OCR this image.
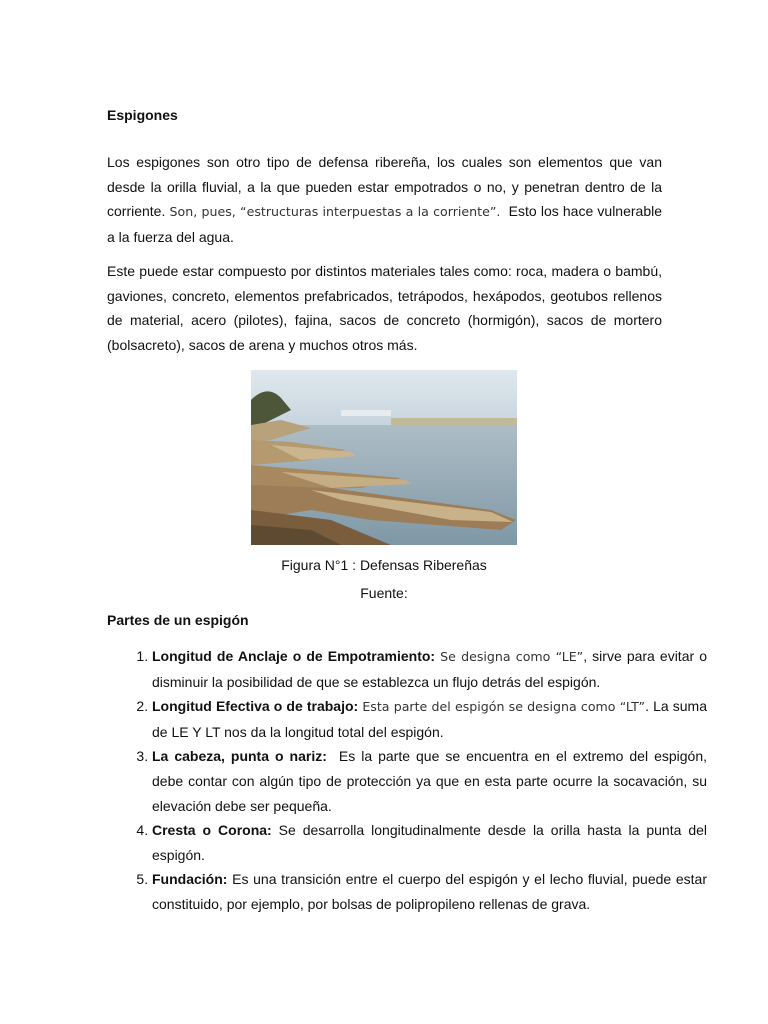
Espigones

Los espigones son otro tipo de defensa ribereña, los cuales son elementos que van desde la orilla fluvial, a la que pueden estar empotrados o no, y penetran dentro de la corriente. Son, pues, “estructuras interpuestas a la corriente”. Esto los hace vulnerable a la fuerza del agua.

Este puede estar compuesto por distintos materiales tales como: roca, madera o bambú, gaviones, concreto, elementos prefabricados, tetrápodos, hexápodos, geotubos rellenos de material, acero (pilotes), fajina, sacos de concreto (hormigón), sacos de mortero (bolsacreto), sacos de arena y muchos otros más.

Figura N°1 : Defensas Ribereñas
Fuente:
Partes de un espigón
1. Longitud de Anclaje o de Empotramiento: Se designa como “LE”, sirve para evitar o disminuir la posibilidad de que se establezca un flujo detrás del espigón.
2. Longitud Efectiva o de trabajo: Esta parte del espigón se designa como “LT”. La suma de LE Y LT nos da la longitud total del espigón.
3. La cabeza, punta o nariz: Es la parte que se encuentra en el extremo del espigón, debe contar con algún tipo de protección ya que en esta parte ocurre la socavación, su elevación debe ser pequeña.
4. Cresta o Corona: Se desarrolla longitudinalmente desde la orilla hasta la punta del espigón.
5. Fundación: Es una transición entre el cuerpo del espigón y el lecho fluvial, puede estar constituido, por ejemplo, por bolsas de polipropileno rellenas de grava.
